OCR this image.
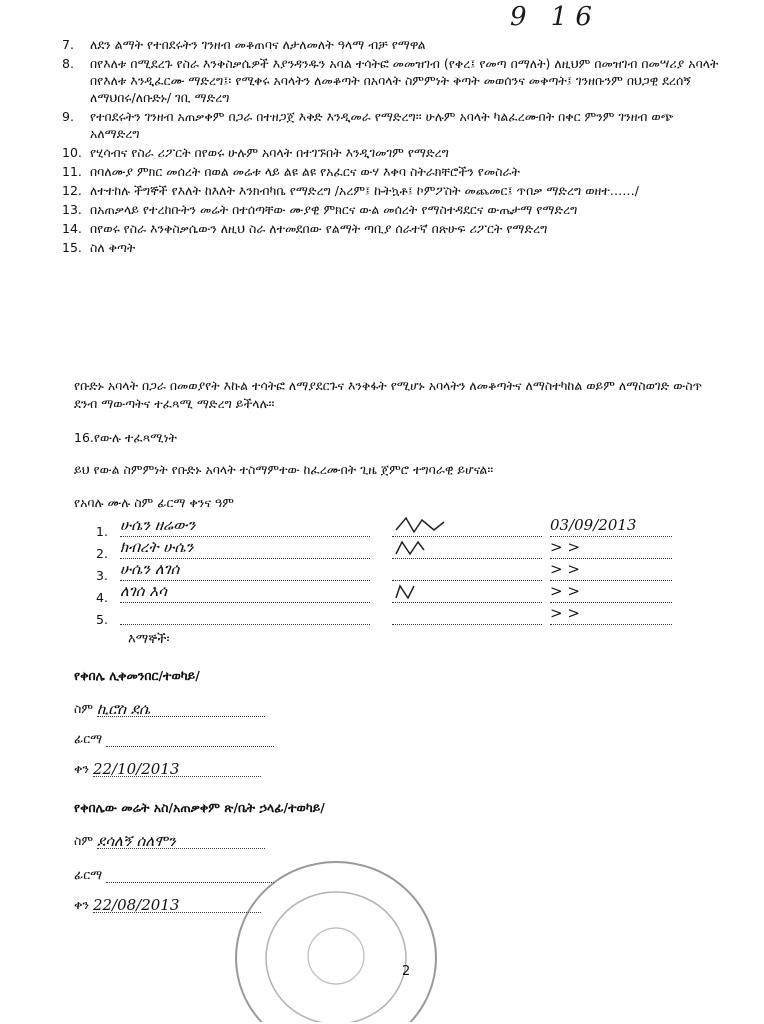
9 16
7. ለደን ልማት የተበደሩትን ገንዘብ መቆጠባና ለታለመለት ዓላማ ብቻ የማዋል
8. በየእለቱ በሚደረጉ የስራ እንቅስቃሴዎች እያንዳንዱን አባል ተሳትፎ መመዝገብ (የቀረ፤ የመጣ በማለት) ለዚህም በመዝገብ በመሣሪያ አባላት በየእለቱ እንዲፈርሙ ማድረግ፤፡ የሚቀሩ አባላትን ለመቆጣት በአባላት ስምምነት ቅጣት መወሰንና መቅጣት፤ ገንዘቡንም በህጋዊ ደረሰኝ ለማህበሩ/ለቡድኑ/ ገቢ ማድረግ
9. የተበደሩትን ገንዘብ አጠቃቀም በጋራ በተዘጋጀ እቅድ እንዲመራ የማድረግ፡፡ ሁሉም አባላት ካልፈረሙበት በቀር ምንም ገንዘብ ወጭ አለማድረግ
10. የሂሳብና የስራ ሪፖርት በየወሩ ሁሉም አባላት በተገኙበት እንዲገመገም የማድረግ
11. በባለሙያ ምክር መሰረት በወል መሬቱ ላይ ልዩ ልዩ የአፈርና ውሃ እቀባ ስትራክቸሮችን የመስራት
12. ለተተከሉ ችግኞች የእለት ከእለት እንክብካቤ የማድረግ /አረም፤ ኩትኳቶ፤ ኮምፖስት መጨመር፤ ጥበቃ ማድረግ ወዘተ……/
13. በአጠቃላይ የተረከቡትን መሬት በተሰጣቸው ሙያዊ ምክርና ውል መሰረት የማስተዳደርና ውጤታማ የማድረግ
14. በየወሩ የስራ እንቅስቃሴውን ለዚህ ስራ ለተመደበው የልማት ጣቢያ ሰራተኛ በጽሁፍ ሪፖርት የማድረግ
15. ስለ ቅጣት
የቡድኑ አባላት በጋራ በመወያየት እኩል ተሳትፎ ለማያደርጉና እንቅፋት የሚሆኑ አባላትን ለመቆጣትና ለማስተካከል ወይም ለማስወገድ ውስጥ ደንብ ማውጣትና ተፈጻሚ ማድረግ ይችላሉ፡፡
16.የውሉ ተፈጻሚነት
ይህ የውል ስምምነት የቡድኑ አባላት ተስማምተው ከፈረሙበት ጊዜ ጀምሮ ተግባራዊ ይሆናል፡፡
የአባሉ ሙሉ ስም ፊርማ ቀንና ዓም
1. ሁሴን ዘሬውን	03/09/2013
2. ክብረት ሁሴን	> >
3. ሁሴን ለገሰ	> >
4. ለገሰ እሳ	> >
5.	> >
እማኞች፡
የቀበሌ ሊቀመንበር/ተወካይ/
ስም ኪሮስ ደሴ
ፊርማ
ቀን 22/10/2013
የቀበሌው መሬት አስ/አጠቃቀም ጽ/ቤት ኃላፊ/ተወካይ/
ስም ደሳለኝ ሰለሞን
ፊርማ
ቀን 22/08/2013
2
